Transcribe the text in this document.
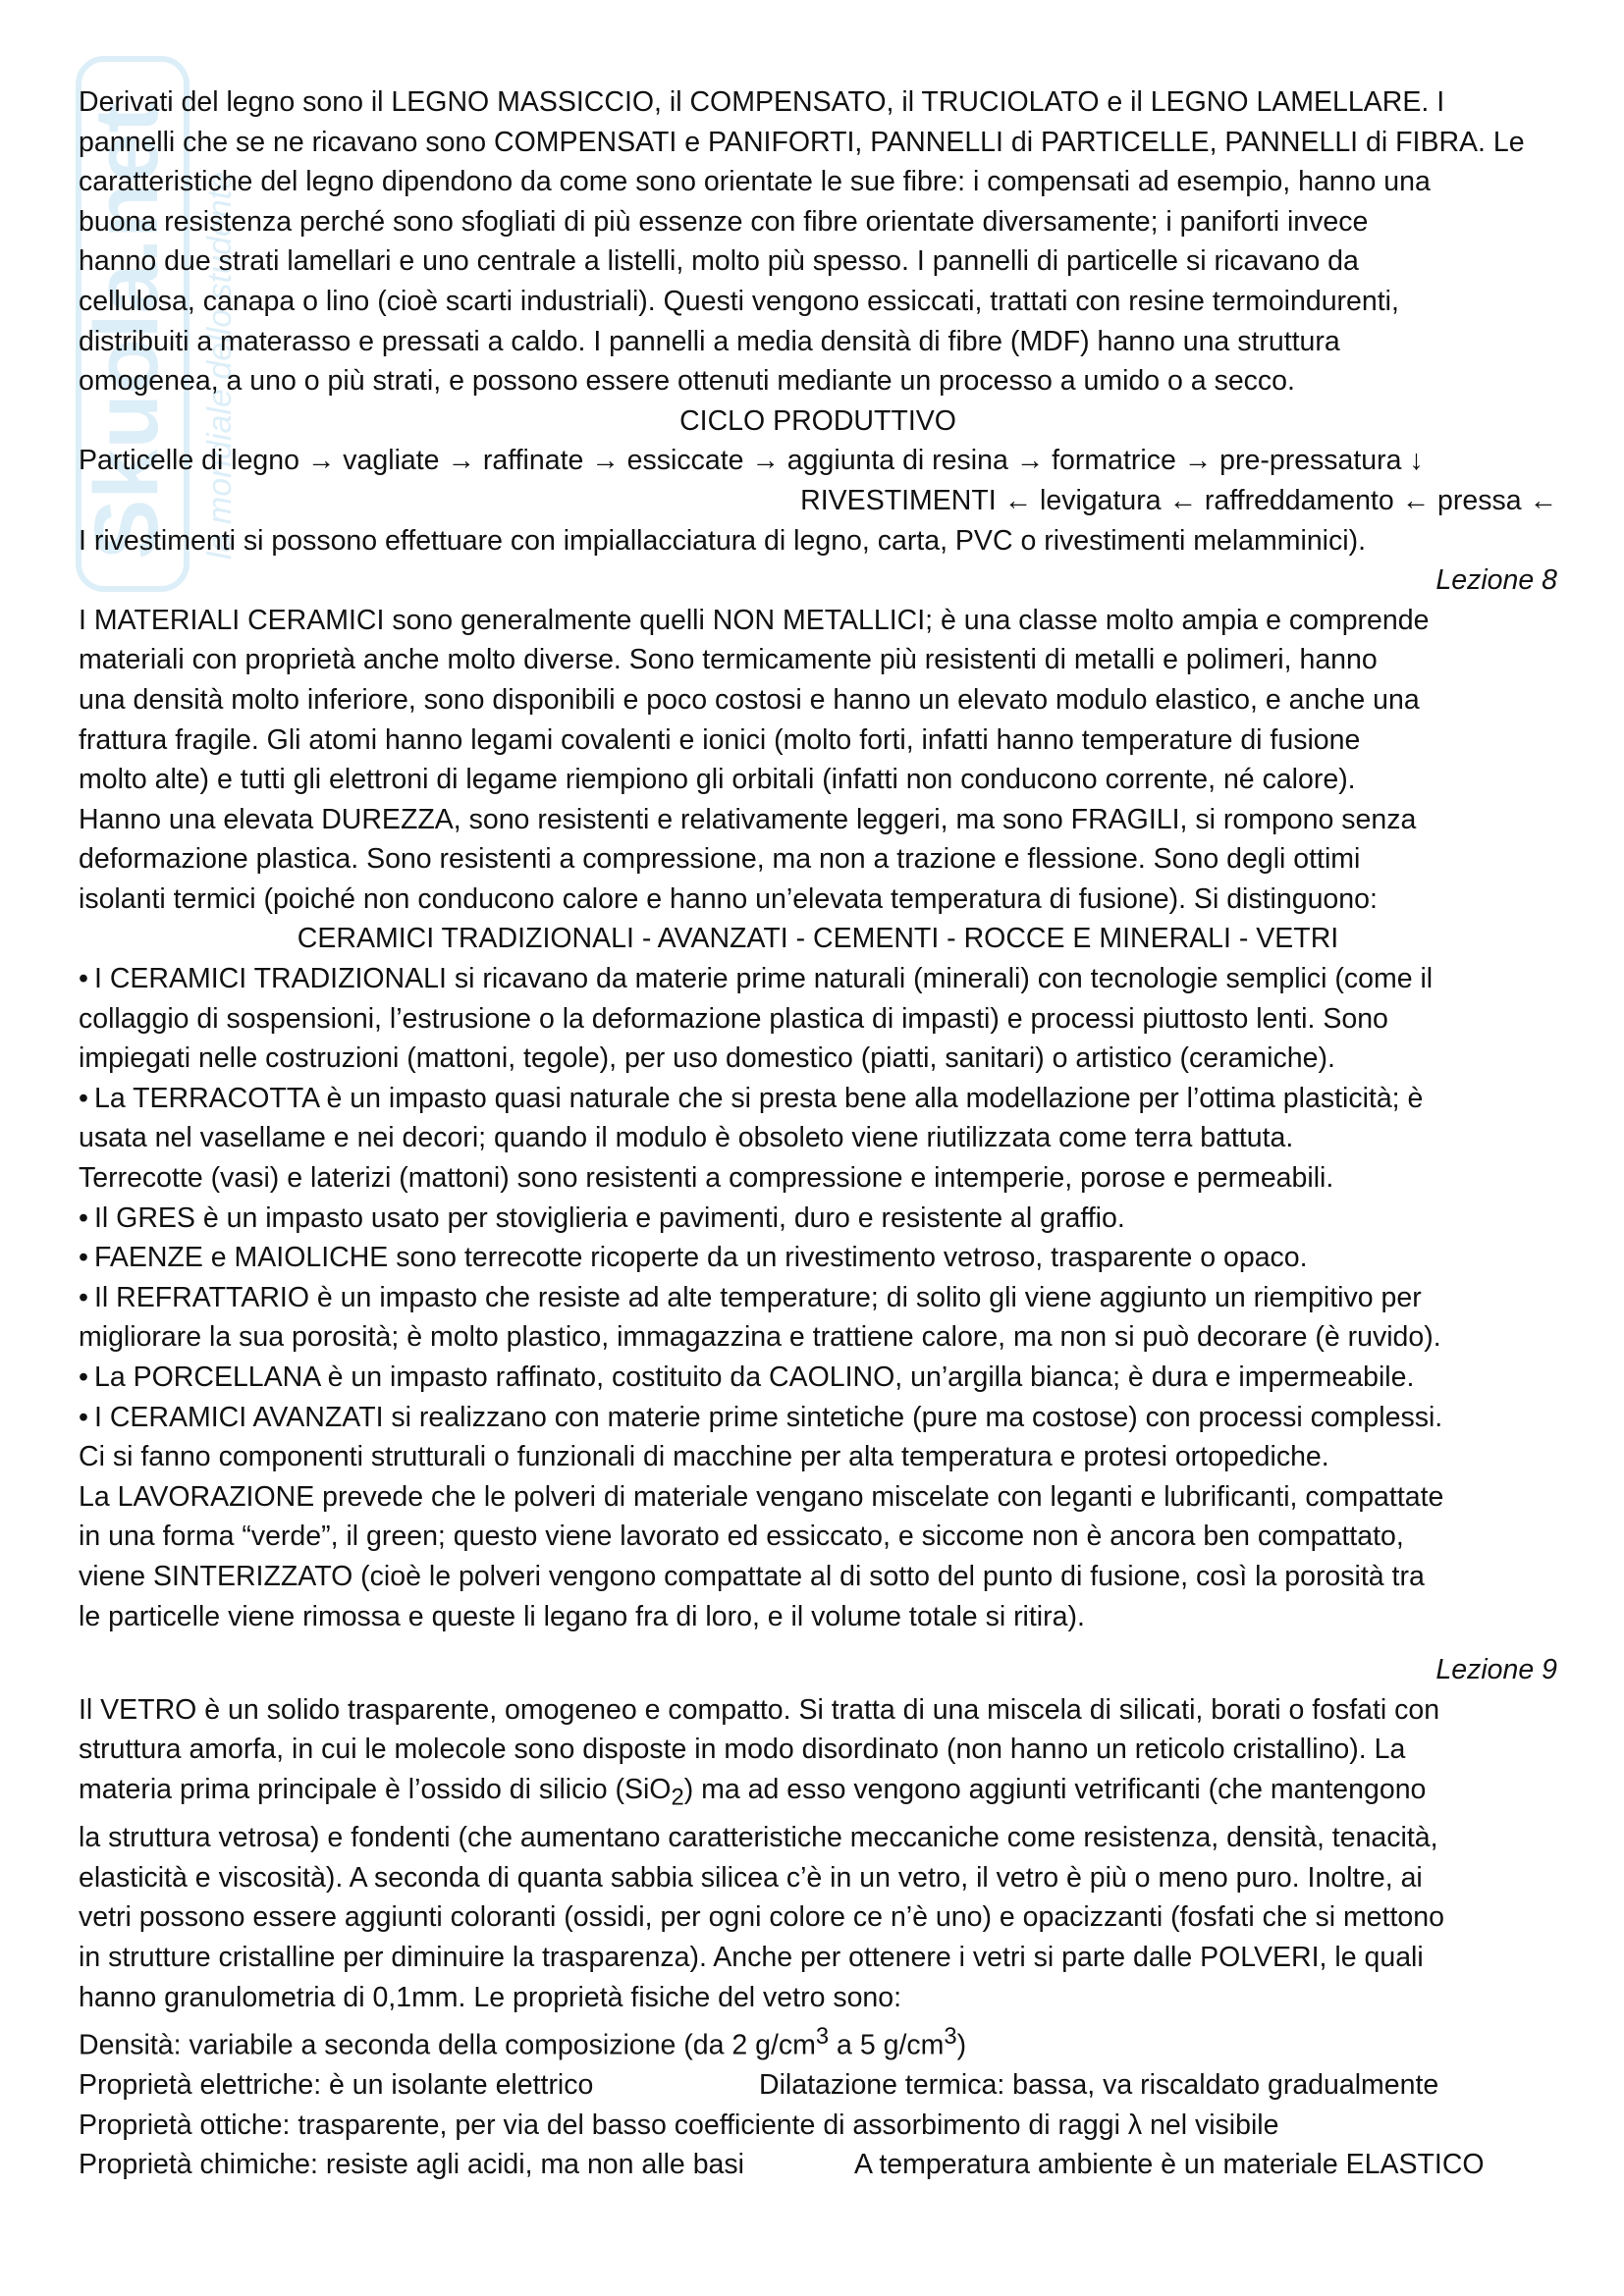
Skuola.net la mondiale dello studente

Derivati del legno sono il LEGNO MASSICCIO, il COMPENSATO, il TRUCIOLATO e il LEGNO LAMELLARE. I

pannelli che se ne ricavano sono COMPENSATI e PANIFORTI, PANNELLI di PARTICELLE, PANNELLI di FIBRA. Le

caratteristiche del legno dipendono da come sono orientate le sue fibre: i compensati ad esempio, hanno una

buona resistenza perché sono sfogliati di più essenze con fibre orientate diversamente; i paniforti invece

hanno due strati lamellari e uno centrale a listelli, molto più spesso. I pannelli di particelle si ricavano da

cellulosa, canapa o lino (cioè scarti industriali). Questi vengono essiccati, trattati con resine termoindurenti,

distribuiti a materasso e pressati a caldo. I pannelli a media densità di fibre (MDF) hanno una struttura

omogenea, a uno o più strati, e possono essere ottenuti mediante un processo a umido o a secco.

CICLO PRODUTTIVO

Particelle di legno → vagliate → raffinate → essiccate → aggiunta di resina → formatrice → pre-pressatura ↓

RIVESTIMENTI ← levigatura ← raffreddamento ← pressa ←

I rivestimenti si possono effettuare con impiallacciatura di legno, carta, PVC o rivestimenti melamminici).

Lezione 8

I MATERIALI CERAMICI sono generalmente quelli NON METALLICI; è una classe molto ampia e comprende

materiali con proprietà anche molto diverse. Sono termicamente più resistenti di metalli e polimeri, hanno

una densità molto inferiore, sono disponibili e poco costosi e hanno un elevato modulo elastico, e anche una

frattura fragile. Gli atomi hanno legami covalenti e ionici (molto forti, infatti hanno temperature di fusione

molto alte) e tutti gli elettroni di legame riempiono gli orbitali (infatti non conducono corrente, né calore).

Hanno una elevata DUREZZA, sono resistenti e relativamente leggeri, ma sono FRAGILI, si rompono senza

deformazione plastica. Sono resistenti a compressione, ma non a trazione e flessione. Sono degli ottimi

isolanti termici (poiché non conducono calore e hanno un’elevata temperatura di fusione). Si distinguono:

CERAMICI TRADIZIONALI - AVANZATI - CEMENTI - ROCCE E MINERALI - VETRI

• I CERAMICI TRADIZIONALI si ricavano da materie prime naturali (minerali) con tecnologie semplici (come il

collaggio di sospensioni, l’estrusione o la deformazione plastica di impasti) e processi piuttosto lenti. Sono

impiegati nelle costruzioni (mattoni, tegole), per uso domestico (piatti, sanitari) o artistico (ceramiche).

• La TERRACOTTA è un impasto quasi naturale che si presta bene alla modellazione per l’ottima plasticità; è

usata nel vasellame e nei decori; quando il modulo è obsoleto viene riutilizzata come terra battuta.

Terrecotte (vasi) e laterizi (mattoni) sono resistenti a compressione e intemperie, porose e permeabili.

• Il GRES è un impasto usato per stoviglieria e pavimenti, duro e resistente al graffio.

• FAENZE e MAIOLICHE sono terrecotte ricoperte da un rivestimento vetroso, trasparente o opaco.

• Il REFRATTARIO è un impasto che resiste ad alte temperature; di solito gli viene aggiunto un riempitivo per

migliorare la sua porosità; è molto plastico, immagazzina e trattiene calore, ma non si può decorare (è ruvido).

• La PORCELLANA è un impasto raffinato, costituito da CAOLINO, un’argilla bianca; è dura e impermeabile.

• I CERAMICI AVANZATI si realizzano con materie prime sintetiche (pure ma costose) con processi complessi.

Ci si fanno componenti strutturali o funzionali di macchine per alta temperatura e protesi ortopediche.

La LAVORAZIONE prevede che le polveri di materiale vengano miscelate con leganti e lubrificanti, compattate

in una forma “verde”, il green; questo viene lavorato ed essiccato, e siccome non è ancora ben compattato,

viene SINTERIZZATO (cioè le polveri vengono compattate al di sotto del punto di fusione, così la porosità tra

le particelle viene rimossa e queste li legano fra di loro, e il volume totale si ritira).

Lezione 9

Il VETRO è un solido trasparente, omogeneo e compatto. Si tratta di una miscela di silicati, borati o fosfati con

struttura amorfa, in cui le molecole sono disposte in modo disordinato (non hanno un reticolo cristallino). La

materia prima principale è l’ossido di silicio (SiO$_2$) ma ad esso vengono aggiunti vetrificanti (che mantengono

la struttura vetrosa) e fondenti (che aumentano caratteristiche meccaniche come resistenza, densità, tenacità,

elasticità e viscosità). A seconda di quanta sabbia silicea c’è in un vetro, il vetro è più o meno puro. Inoltre, ai

vetri possono essere aggiunti coloranti (ossidi, per ogni colore ce n’è uno) e opacizzanti (fosfati che si mettono

in strutture cristalline per diminuire la trasparenza). Anche per ottenere i vetri si parte dalle POLVERI, le quali

hanno granulometria di 0,1mm. Le proprietà fisiche del vetro sono:

Densità: variabile a seconda della composizione (da 2 $g/cm^3$ a 5 $g/cm^3$)

Proprietà elettriche: è un isolante elettrico	Dilatazione termica: bassa, va riscaldato gradualmente

Proprietà ottiche: trasparente, per via del basso coefficiente di assorbimento di raggi λ nel visibile

Proprietà chimiche: resiste agli acidi, ma non alle basi	A temperatura ambiente è un materiale ELASTICO
